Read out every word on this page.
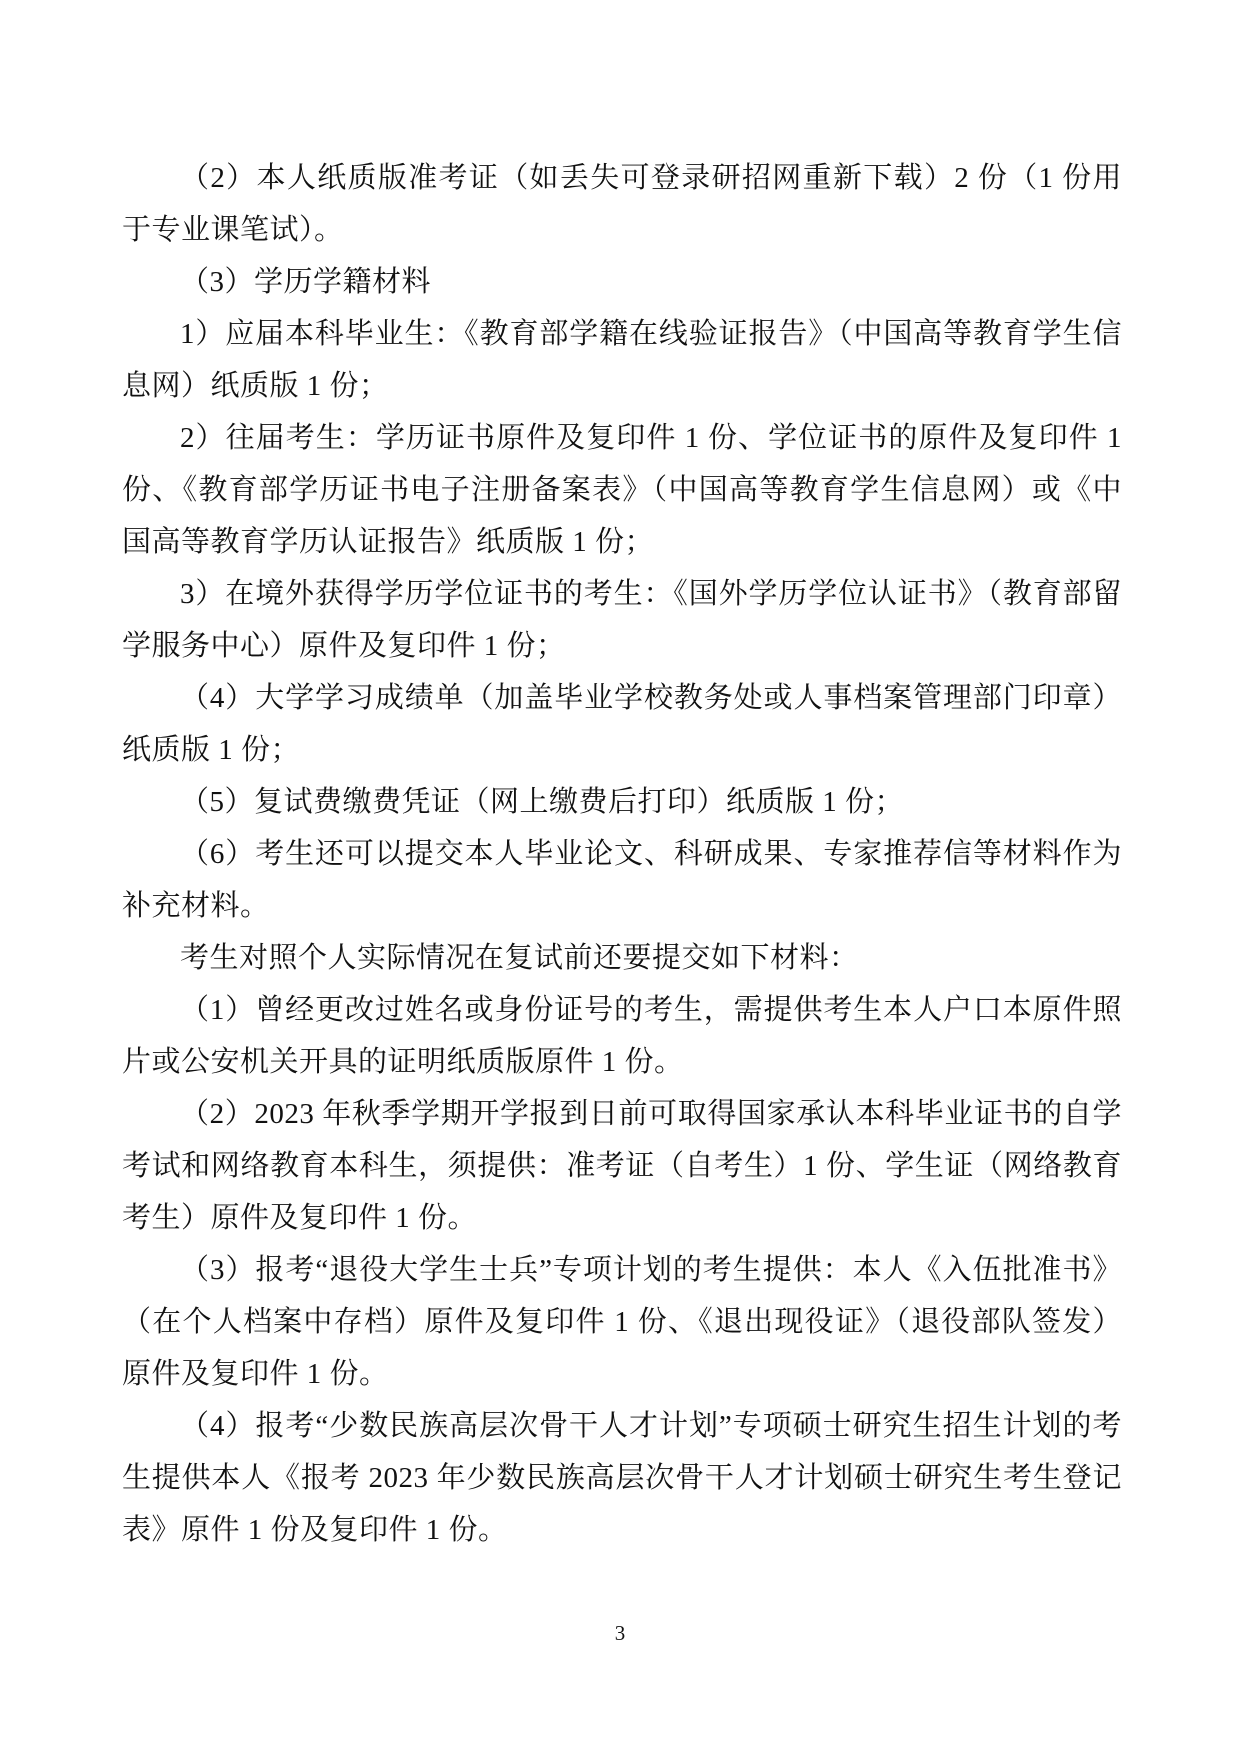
（2）本人纸质版准考证（如丢失可登录研招网重新下载）2 份（1 份用于专业课笔试）。

（3）学历学籍材料

1）应届本科毕业生：《教育部学籍在线验证报告》（中国高等教育学生信息网）纸质版 1 份；

2）往届考生：学历证书原件及复印件 1 份、学位证书的原件及复印件 1 份、《教育部学历证书电子注册备案表》（中国高等教育学生信息网）或《中国高等教育学历认证报告》纸质版 1 份；

3）在境外获得学历学位证书的考生：《国外学历学位认证书》（教育部留学服务中心）原件及复印件 1 份；

（4）大学学习成绩单（加盖毕业学校教务处或人事档案管理部门印章）纸质版 1 份；

（5）复试费缴费凭证（网上缴费后打印）纸质版 1 份；

（6）考生还可以提交本人毕业论文、科研成果、专家推荐信等材料作为补充材料。

考生对照个人实际情况在复试前还要提交如下材料：

（1）曾经更改过姓名或身份证号的考生，需提供考生本人户口本原件照片或公安机关开具的证明纸质版原件 1 份。

（2）2023 年秋季学期开学报到日前可取得国家承认本科毕业证书的自学考试和网络教育本科生，须提供：准考证（自考生）1 份、学生证（网络教育考生）原件及复印件 1 份。

（3）报考“退役大学生士兵”专项计划的考生提供：本人《入伍批准书》（在个人档案中存档）原件及复印件 1 份、《退出现役证》（退役部队签发）原件及复印件 1 份。

（4）报考“少数民族高层次骨干人才计划”专项硕士研究生招生计划的考生提供本人《报考 2023 年少数民族高层次骨干人才计划硕士研究生考生登记表》原件 1 份及复印件 1 份。

3
